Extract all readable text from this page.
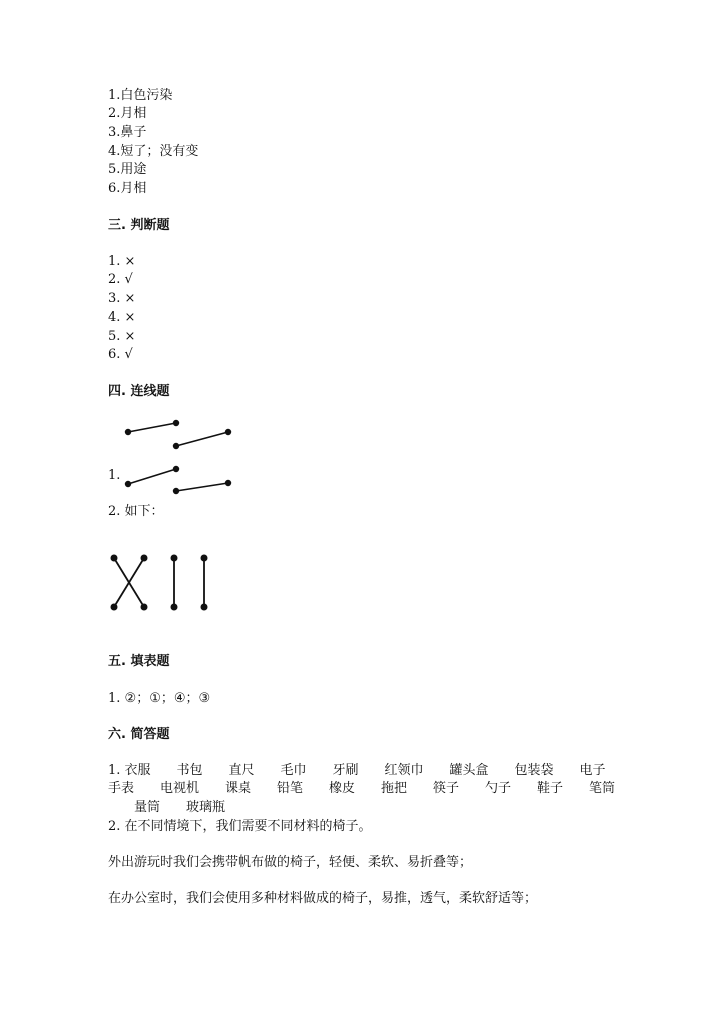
1.白色污染
2.月相
3.鼻子
4.短了；没有变
5.用途
6.月相
三. 判断题
1. ×
2. √
3. ×
4. ×
5. ×
6. √
四. 连线题
1.
2. 如下：
五. 填表题
1. ②；①；④；③
六. 简答题
1. 衣服　　书包　　直尺　　毛巾　　牙刷　　红领巾　　罐头盒　　包装袋　　电子
手表　　电视机　　课桌　　铅笔　　橡皮　　拖把　　筷子　　勺子　　鞋子　　笔筒
　　量筒　　玻璃瓶
2. 在不同情境下，我们需要不同材料的椅子。
外出游玩时我们会携带帆布做的椅子，轻便、柔软、易折叠等；
在办公室时，我们会使用多种材料做成的椅子，易推，透气，柔软舒适等；
